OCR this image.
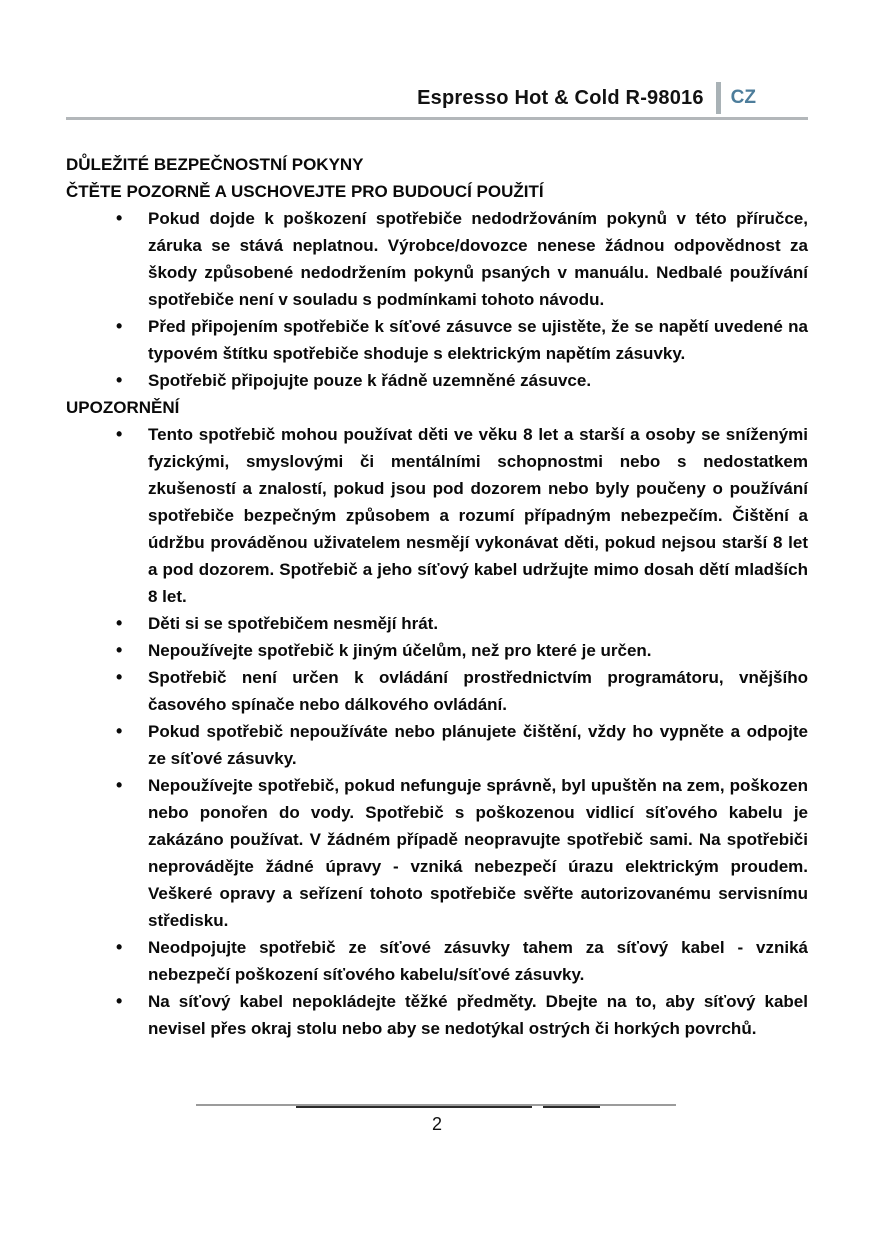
Espresso Hot & Cold R-98016 CZ
DŮLEŽITÉ BEZPEČNOSTNÍ POKYNY
ČTĚTE POZORNĚ A USCHOVEJTE PRO BUDOUCÍ POUŽITÍ
•	Pokud dojde k poškození spotřebiče nedodržováním pokynů v této příručce, záruka se stává neplatnou. Výrobce/dovozce nenese žádnou odpovědnost za škody způsobené nedodržením pokynů psaných v manuálu. Nedbalé používání spotřebiče není v souladu s podmínkami tohoto návodu.
•	Před připojením spotřebiče k síťové zásuvce se ujistěte, že se napětí uvedené na typovém štítku spotřebiče shoduje s elektrickým napětím zásuvky.
•	Spotřebič připojujte pouze k řádně uzemněné zásuvce.
UPOZORNĚNÍ
•	Tento spotřebič mohou používat děti ve věku 8 let a starší a osoby se sníženými fyzickými, smyslovými či mentálními schopnostmi nebo s nedostatkem zkušeností a znalostí, pokud jsou pod dozorem nebo byly poučeny o používání spotřebiče bezpečným způsobem a rozumí případným nebezpečím. Čištění a údržbu prováděnou uživatelem nesmějí vykonávat děti, pokud nejsou starší 8 let a pod dozorem. Spotřebič a jeho síťový kabel udržujte mimo dosah dětí mladších 8 let.
•	Děti si se spotřebičem nesmějí hrát.
•	Nepoužívejte spotřebič k jiným účelům, než pro které je určen.
•	Spotřebič není určen k ovládání prostřednictvím programátoru, vnějšího časového spínače nebo dálkového ovládání.
•	Pokud spotřebič nepoužíváte nebo plánujete čištění, vždy ho vypněte a odpojte ze síťové zásuvky.
•	Nepoužívejte spotřebič, pokud nefunguje správně, byl upuštěn na zem, poškozen nebo ponořen do vody. Spotřebič s poškozenou vidlicí síťového kabelu je zakázáno používat. V žádném případě neopravujte spotřebič sami. Na spotřebiči neprovádějte žádné úpravy - vzniká nebezpečí úrazu elektrickým proudem. Veškeré opravy a seřízení tohoto spotřebiče svěřte autorizovanému servisnímu středisku.
•	Neodpojujte spotřebič ze síťové zásuvky tahem za síťový kabel - vzniká nebezpečí poškození síťového kabelu/síťové zásuvky.
•	Na síťový kabel nepokládejte těžké předměty. Dbejte na to, aby síťový kabel nevisel přes okraj stolu nebo aby se nedotýkal ostrých či horkých povrchů.
2
